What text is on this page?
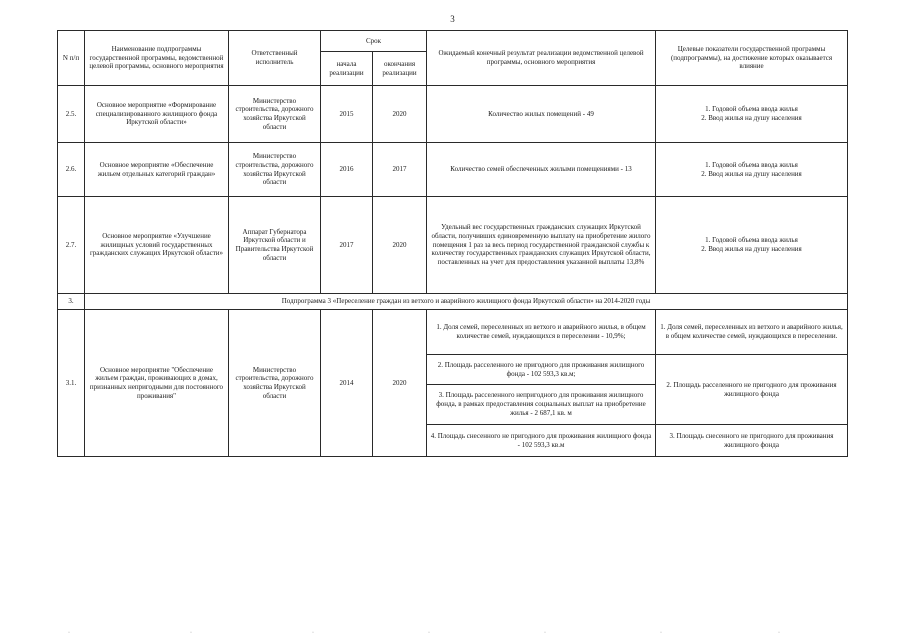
3
N п/п	Наименование подпрограммы государственной программы, ведомственной целевой программы, основного мероприятия	Ответственный исполнитель	Срок		Ожидаемый конечный результат реализации ведомственной целевой программы, основного мероприятия	Целевые показатели государственной программы (подпрограммы), на достижение которых оказывается влияние
			начала реализации	окончания реализации		
2.5.	Основное мероприятие «Формирование специализированного жилищного фонда Иркутской области»	Министерство строительства, дорожного хозяйства Иркутской области	2015	2020	Количество жилых помещений - 49	1. Годовой объема ввода жилья
2. Ввод жилья на душу населения
2.6.	Основное мероприятие «Обеспечение жильем отдельных категорий граждан»	Министерство строительства, дорожного хозяйства Иркутской области	2016	2017	Количество семей обеспеченных жилыми помещениями - 13	1. Годовой объема ввода жилья
2. Ввод жилья на душу населения
2.7.	Основное мероприятие «Улучшение жилищных условий государственных гражданских служащих Иркутской области»	Аппарат Губернатора Иркутской области и Правительства Иркутской области	2017	2020	Удельный вес государственных гражданских служащих Иркутской области, получивших единовременную выплату на приобретение жилого помещения 1 раз за весь период государственной гражданской службы к количеству государственных гражданских служащих Иркутской области, поставленных на учет для предоставления указанной выплаты 13,8%	1. Годовой объема ввода жилья
2. Ввод жилья на душу населения
3.	Подпрограмма 3 «Переселение граждан из ветхого и аварийного жилищного фонда Иркутской области» на 2014-2020 годы					
3.1.	Основное мероприятие "Обеспечение жильем граждан, проживающих в домах, признанных непригодными для постоянного проживания"	Министерство строительства, дорожного хозяйства Иркутской области	2014	2020	1. Доля семей, переселенных из ветхого и аварийного жилья, в общем количестве семей, нуждающихся в переселении - 10,9%;	1. Доля семей, переселенных из ветхого и аварийного жилья, в общем количестве семей, нуждающихся в переселении.
					2. Площадь расселенного не пригодного для проживания жилищного фонда - 102 593,3 кв.м;	2. Площадь расселенного не пригодного для проживания жилищного фонда
					3. Площадь расселенного непригодного для проживания жилищного фонда, в рамках предоставления социальных выплат на приобретение жилья - 2 687,1 кв. м	
					4. Площадь снесенного не пригодного для проживания жилищного фонда - 102 593,3 кв.м	3. Площадь снесенного не пригодного для проживания жилищного фонда
·	·	·	·	·	·	·
